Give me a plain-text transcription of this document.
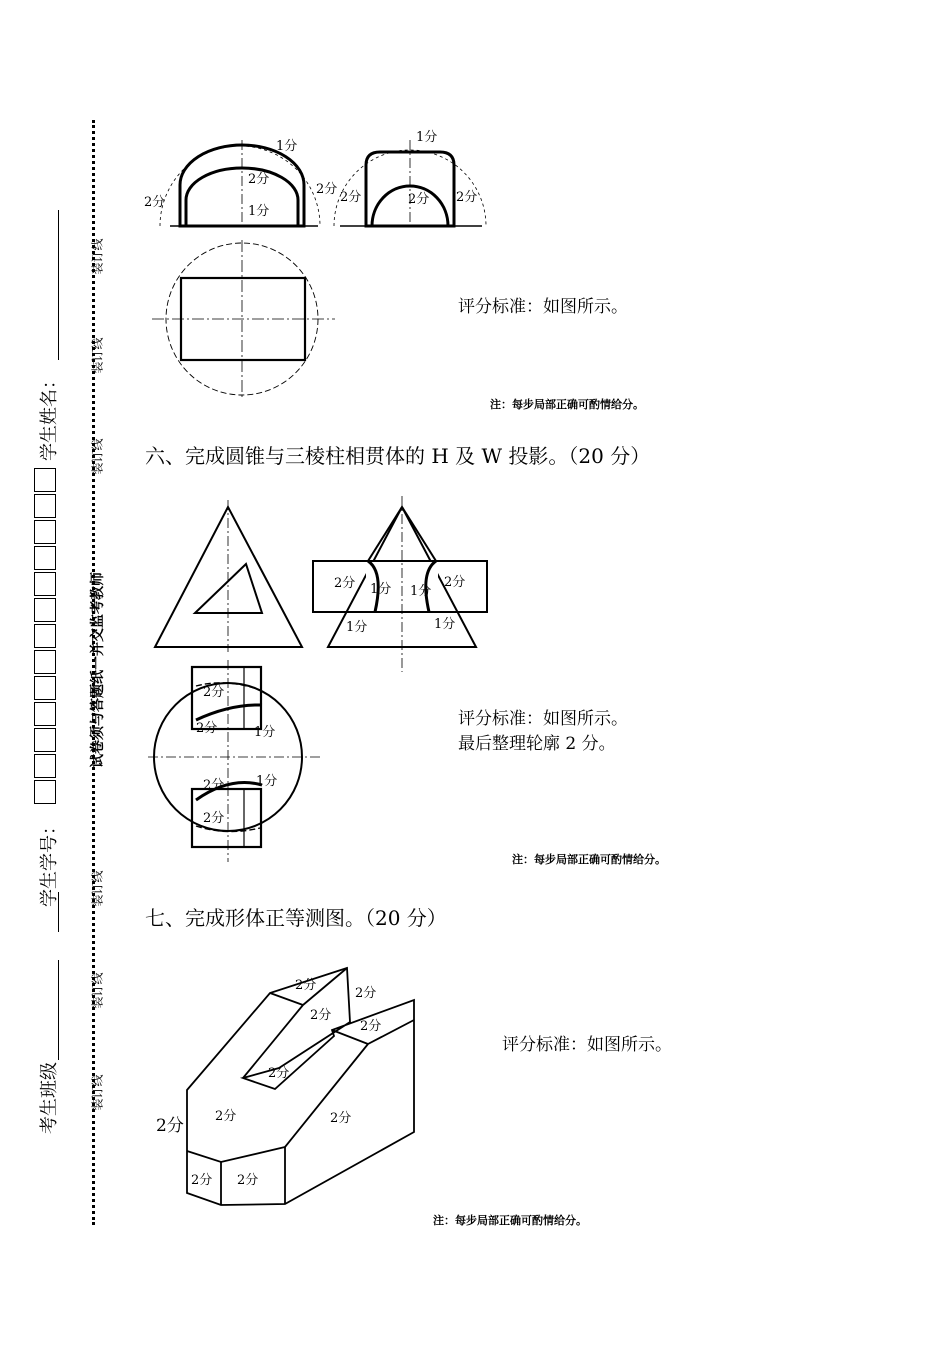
装订线
装订线
装订线
装订线
装订线
装订线
试卷须与答题纸一并交监考教师
学生姓名：
学生学号：
考生班级
1分
2分
2分
1分
2分
1分
2分	2分 2分
2分 1分 1分
2分
1分	1分
2分
2分	1分
2分 1分
2分
2分
2分
2分
2分
2分
2分	2分
2分 2分
2分
评分标准：如图所示。
注：每步局部正确可酌情给分。
六、完成圆锥与三棱柱相贯体的 H 及 W 投影。（20 分）
评分标准：如图所示。
最后整理轮廓 2 分。
注：每步局部正确可酌情给分。
七、完成形体正等测图。（20 分）
评分标准：如图所示。
注：每步局部正确可酌情给分。
